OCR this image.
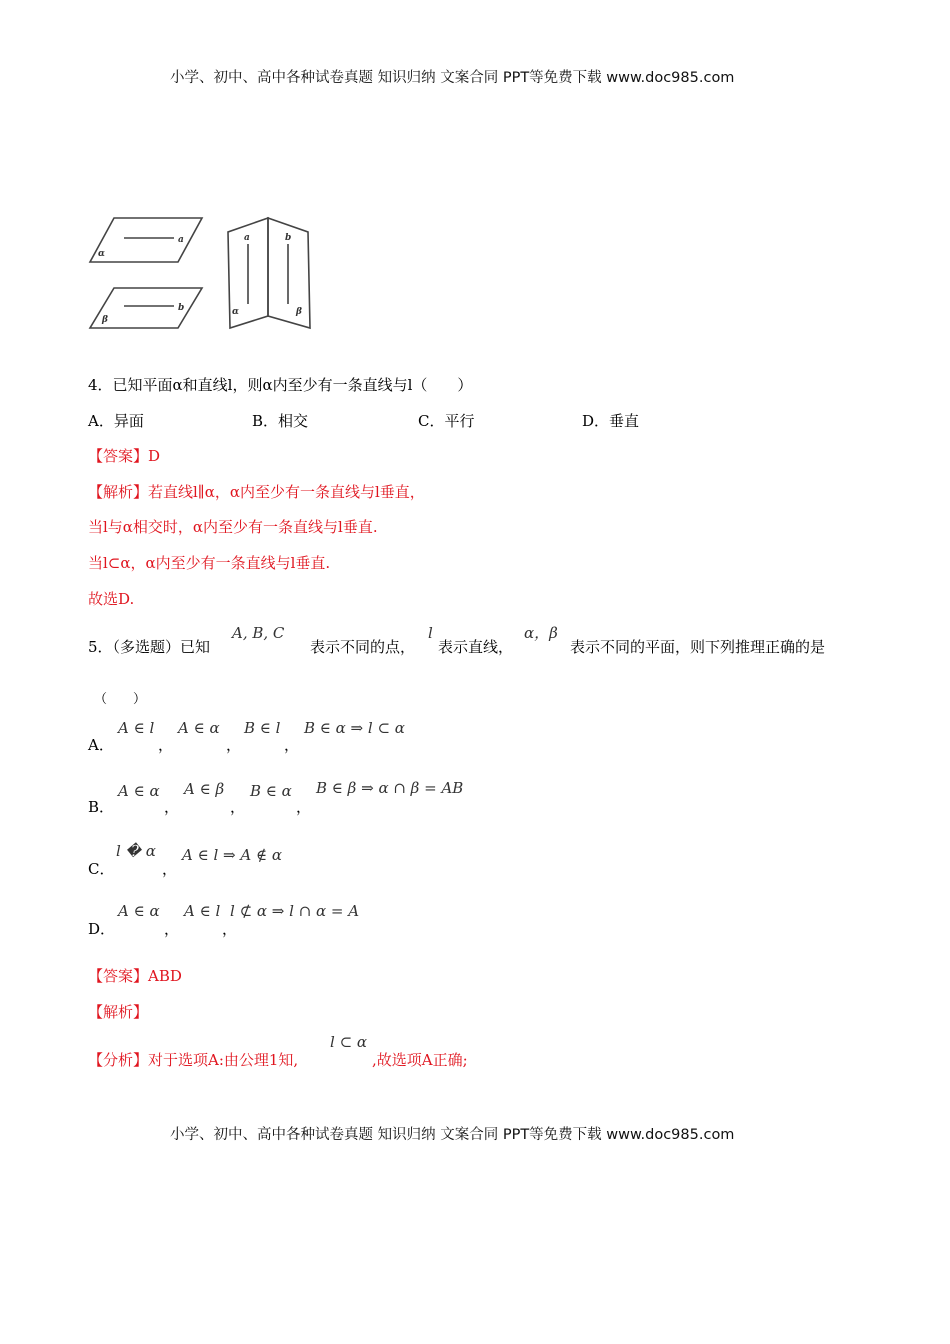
小学、初中、高中各种试卷真题 知识归纳 文案合同 PPT等免费下载 www.doc985.com
α
a
β
b
a	b
α	β
4．已知平面α和直线l，则α内至少有一条直线与l（　　）
A．异面	B．相交	C．平行	D．垂直
【答案】D
【解析】若直线l∥α，α内至少有一条直线与l垂直，
当l与α相交时，α内至少有一条直线与l垂直.
当l⊂α，α内至少有一条直线与l垂直.
故选D.
5．（多选题）已知
A, B, C
表示不同的点，
l
表示直线，
α，β
表示不同的平面，则下列推理正确的是
（　　）
A．
A ∈ l
，
A ∈ α
，
B ∈ l
，
B ∈ α ⇒ l ⊂ α
B．
A ∈ α
，
A ∈ β
，
B ∈ α
，
B ∈ β ⇒ α ∩ β = AB
C．
l � α
，
A ∈ l ⇒ A ∉ α
D．
A ∈ α
，
A ∈ l
，
l ⊄ α ⇒ l ∩ α = A
【答案】ABD
【解析】
【分析】对于选项A:由公理1知,
l ⊂ α
,故选项A正确;
小学、初中、高中各种试卷真题 知识归纳 文案合同 PPT等免费下载 www.doc985.com
